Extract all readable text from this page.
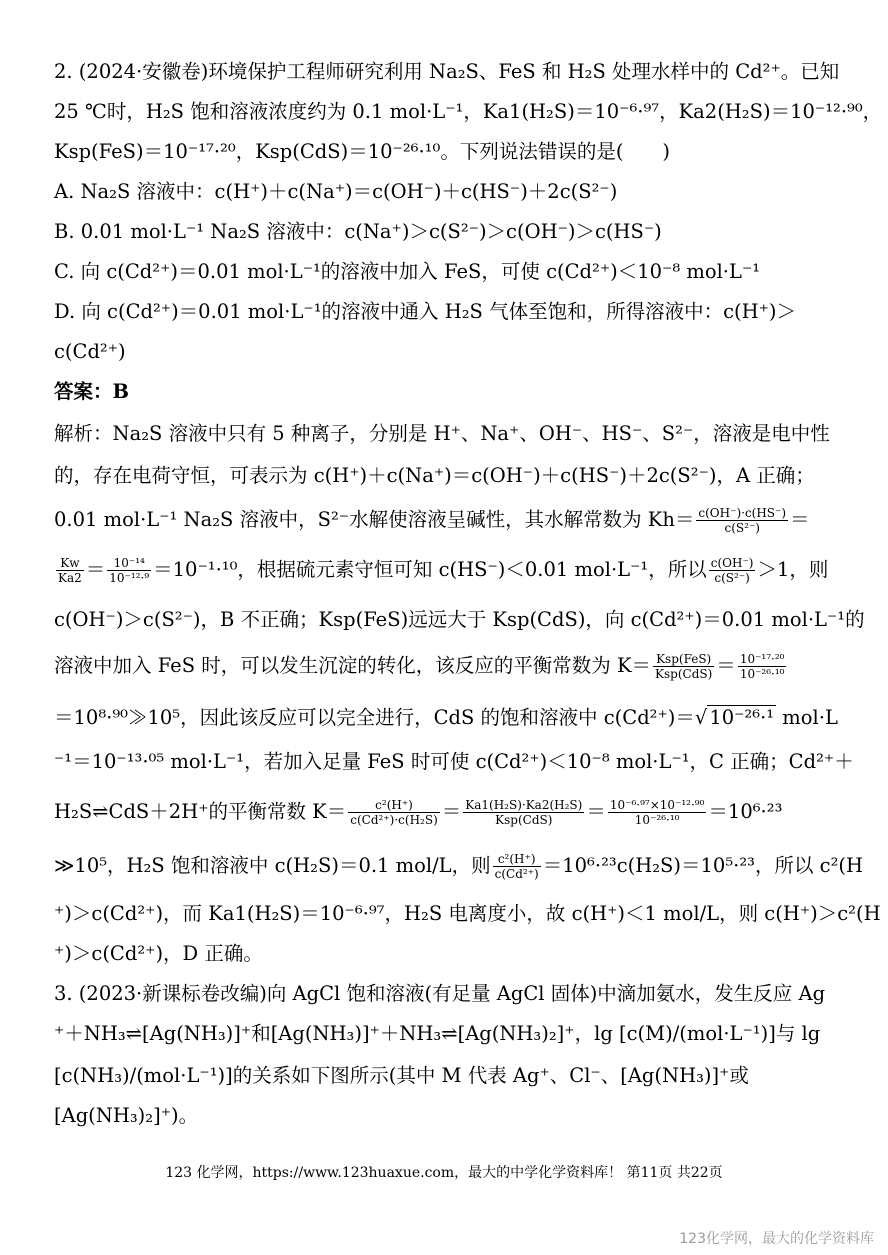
2. (2024·安徽卷)环境保护工程师研究利用 Na₂S、FeS 和 H₂S 处理水样中的 Cd²⁺。已知
25 ℃时，H₂S 饱和溶液浓度约为 0.1 mol·L⁻¹，Ka1(H₂S)＝10⁻⁶·⁹⁷，Ka2(H₂S)＝10⁻¹²·⁹⁰，
Ksp(FeS)＝10⁻¹⁷·²⁰，Ksp(CdS)＝10⁻²⁶·¹⁰。下列说法错误的是(　　)
A. Na₂S 溶液中：c(H⁺)＋c(Na⁺)＝c(OH⁻)＋c(HS⁻)＋2c(S²⁻)
B. 0.01 mol·L⁻¹ Na₂S 溶液中：c(Na⁺)＞c(S²⁻)＞c(OH⁻)＞c(HS⁻)
C. 向 c(Cd²⁺)＝0.01 mol·L⁻¹的溶液中加入 FeS，可使 c(Cd²⁺)＜10⁻⁸ mol·L⁻¹
D. 向 c(Cd²⁺)＝0.01 mol·L⁻¹的溶液中通入 H₂S 气体至饱和，所得溶液中：c(H⁺)＞
c(Cd²⁺)
答案：B
解析：Na₂S 溶液中只有 5 种离子，分别是 H⁺、Na⁺、OH⁻、HS⁻、S²⁻，溶液是电中性
的，存在电荷守恒，可表示为 c(H⁺)＋c(Na⁺)＝c(OH⁻)＋c(HS⁻)＋2c(S²⁻)，A 正确；
0.01 mol·L⁻¹ Na₂S 溶液中，S²⁻水解使溶液呈碱性，其水解常数为 $Kh= \frac{c(OH^-)\cdot c(HS^-)}{\text{c(S²⁻)}}$ ＝
$\frac{Kw}{Ka2} = \frac{\text{10⁻¹⁴}}{\text{10⁻¹²·⁹}} =10^{-1}\cdot^{10}$，根据硫元素守恒可知 c(HS⁻)＜0.01 mol·L⁻¹，所以 $\frac{c(OH^-)}{\text{c(S²⁻)}} >1$，则
c(OH⁻)＞c(S²⁻)，B 不正确；Ksp(FeS)远远大于 Ksp(CdS)，向 c(Cd²⁺)＝0.01 mol·L⁻¹的
溶液中加入 FeS 时，可以发生沉淀的转化，该反应的平衡常数为 $K= \frac{\text{Ksp(FeS)}}{\text{Ksp(CdS)}} = \frac{\text{10⁻¹⁷·²⁰}}{\text{10⁻²⁶·¹⁰}}$
＝10⁸·⁹⁰≫10⁵，因此该反应可以完全进行，CdS 的饱和溶液中 c(Cd²⁺)＝√ 10⁻²⁶·¹ mol·L
⁻¹＝10⁻¹³·⁰⁵ mol·L⁻¹，若加入足量 FeS 时可使 c(Cd²⁺)＜10⁻⁸ mol·L⁻¹，C 正确；Cd²⁺＋
H₂S⇌CdS＋2H⁺的平衡常数 $K= \frac{\text{c²(H⁺)}}{\text{c(Cd²⁺)·c(H₂S)}} = \frac{\text{Ka1(H₂S)·Ka2(H₂S)}}{\text{Ksp(CdS)}} = \frac{\text{10⁻⁶·⁹⁷×10⁻¹²·⁹⁰}}{\text{10⁻²⁶·¹⁰}} =10^6\cdot^{23}$
≫10⁵，H₂S 饱和溶液中 c(H₂S)＝0.1 mol/L，则 $\frac{\text{c²(H⁺)}}{\text{c(Cd²⁺)}} =10^6\cdot^{23}c(H_2S)=10^5\cdot^{23}$，所以 c²(H
⁺)＞c(Cd²⁺)，而 Ka1(H₂S)＝10⁻⁶·⁹⁷，H₂S 电离度小，故 c(H⁺)＜1 mol/L，则 c(H⁺)＞c²(H
⁺)＞c(Cd²⁺)，D 正确。
3. (2023·新课标卷改编)向 AgCl 饱和溶液(有足量 AgCl 固体)中滴加氨水，发生反应 Ag
⁺＋NH₃⇌[Ag(NH₃)]⁺和[Ag(NH₃)]⁺＋NH₃⇌[Ag(NH₃)₂]⁺，lg [c(M)/(mol·L⁻¹)]与 lg
[c(NH₃)/(mol·L⁻¹)]的关系如下图所示(其中 M 代表 Ag⁺、Cl⁻、[Ag(NH₃)]⁺或
[Ag(NH₃)₂]⁺)。
123 化学网，https://www.123huaxue.com，最大的中学化学资料库！ 第11页 共22页
123化学网，最大的化学资料库
